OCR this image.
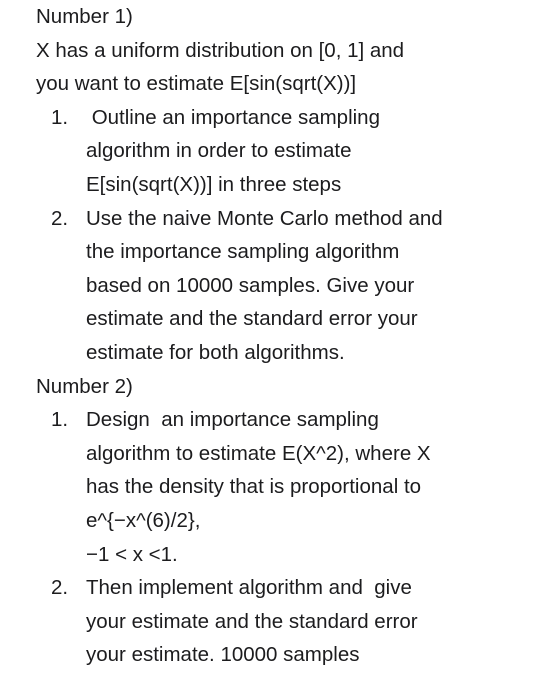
Number 1)
X has a uniform distribution on [0, 1] and
you want to estimate E[sin(sqrt(X))]
1. Outline an importance sampling
algorithm in order to estimate
E[sin(sqrt(X))] in three steps
2. Use the naive Monte Carlo method and
the importance sampling algorithm
based on 10000 samples. Give your
estimate and the standard error your
estimate for both algorithms.
Number 2)
1. Design  an importance sampling
algorithm to estimate E(X^2), where X
has the density that is proportional to
e^{−x^(6)/2},
−1 < x <1.
2. Then implement algorithm and  give
your estimate and the standard error
your estimate. 10000 samples
